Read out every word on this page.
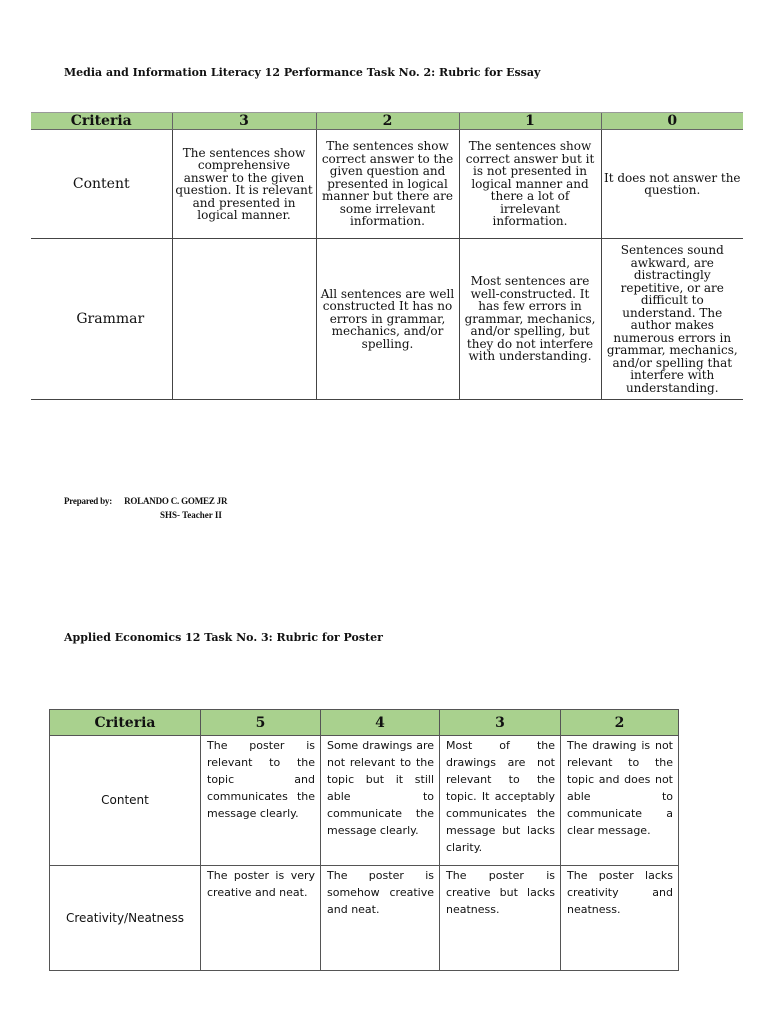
Media and Information Literacy 12 Performance Task No. 2: Rubric for Essay
Criteria	3	2	1	0
Content	The sentences show comprehensive answer to the given question. It is relevant and presented in logical manner.	The sentences show correct answer to the given question and presented in logical manner but there are some irrelevant information.	The sentences show correct answer but it is not presented in logical manner and there a lot of irrelevant information.	It does not answer the question.
Grammar		All sentences are well constructed It has no errors in grammar, mechanics, and/or spelling.	Most sentences are well-constructed. It has few errors in grammar, mechanics, and/or spelling, but they do not interfere with understanding.	Sentences sound awkward, are distractingly repetitive, or are difficult to understand. The author makes numerous errors in grammar, mechanics, and/or spelling that interfere with understanding.
Prepared by: ROLANDO C. GOMEZ JR
SHS- Teacher II
Applied Economics 12 Task No. 3: Rubric for Poster
Criteria	5	4	3	2
Content	The poster is relevant to the topic and communicates the message clearly.	Some drawings are not relevant to the topic but it still able to communicate the message clearly.	Most of the drawings are not relevant to the topic. It acceptably communicates the message but lacks clarity.	The drawing is not relevant to the topic and does not able to communicate a clear message.
Creativity/Neatness	The poster is very creative and neat.	The poster is somehow creative and neat.	The poster is creative but lacks neatness.	The poster lacks creativity and neatness.
